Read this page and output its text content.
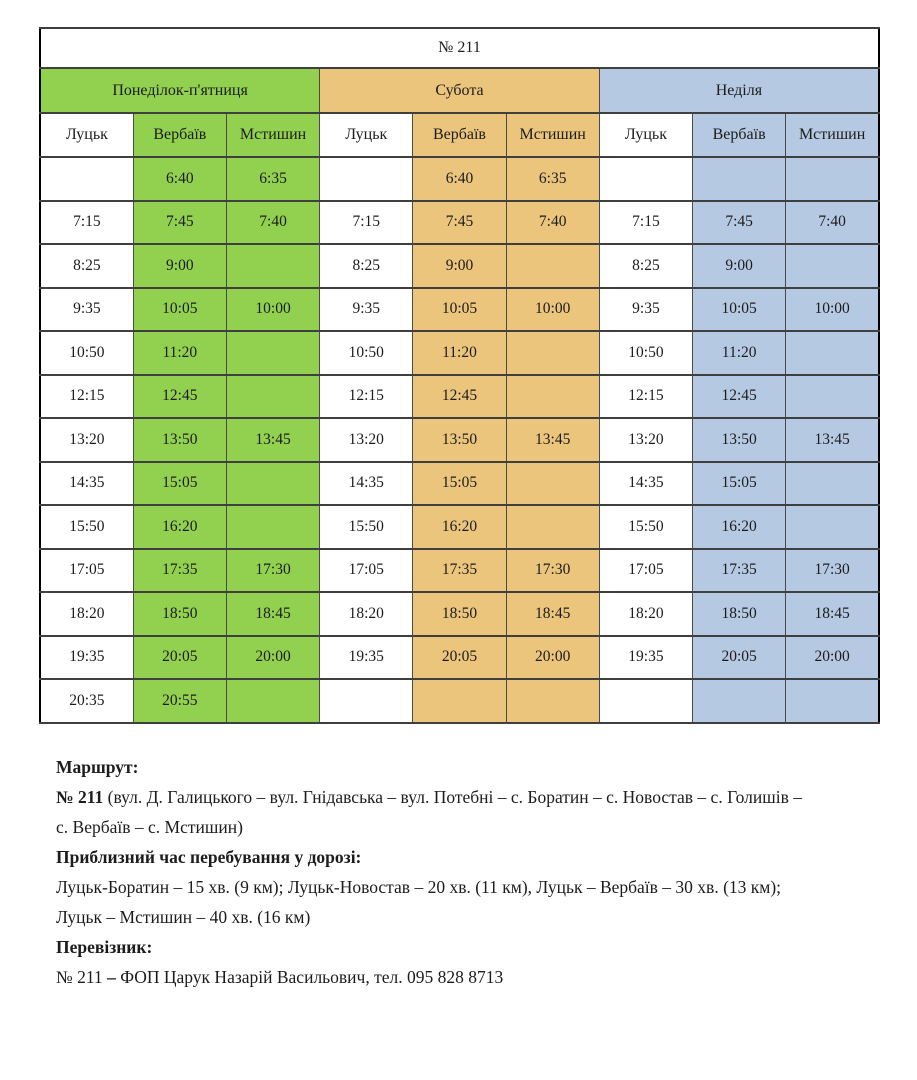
№ 211								
Понеділок-п'ятниця			Субота			Неділя		
Луцьк	Вербаїв	Мстишин	Луцьк	Вербаїв	Мстишин	Луцьк	Вербаїв	Мстишин
	6:40	6:35		6:40	6:35			
7:15	7:45	7:40	7:15	7:45	7:40	7:15	7:45	7:40
8:25	9:00		8:25	9:00		8:25	9:00	
9:35	10:05	10:00	9:35	10:05	10:00	9:35	10:05	10:00
10:50	11:20		10:50	11:20		10:50	11:20	
12:15	12:45		12:15	12:45		12:15	12:45	
13:20	13:50	13:45	13:20	13:50	13:45	13:20	13:50	13:45
14:35	15:05		14:35	15:05		14:35	15:05	
15:50	16:20		15:50	16:20		15:50	16:20	
17:05	17:35	17:30	17:05	17:35	17:30	17:05	17:35	17:30
18:20	18:50	18:45	18:20	18:50	18:45	18:20	18:50	18:45
19:35	20:05	20:00	19:35	20:05	20:00	19:35	20:05	20:00
20:35	20:55							

Маршрут:

№ 211 (вул. Д. Галицького – вул. Гнідавська – вул. Потебні – с. Боратин – с. Новостав – с. Голишів – с. Вербаїв – с. Мстишин)

Приблизний час перебування у дорозі:

Луцьк-Боратин – 15 хв. (9 км); Луцьк-Новостав – 20 хв. (11 км), Луцьк – Вербаїв – 30 хв. (13 км); Луцьк – Мстишин – 40 хв. (16 км)

Перевізник:

№ 211 – ФОП Царук Назарій Васильович, тел. 095 828 8713
